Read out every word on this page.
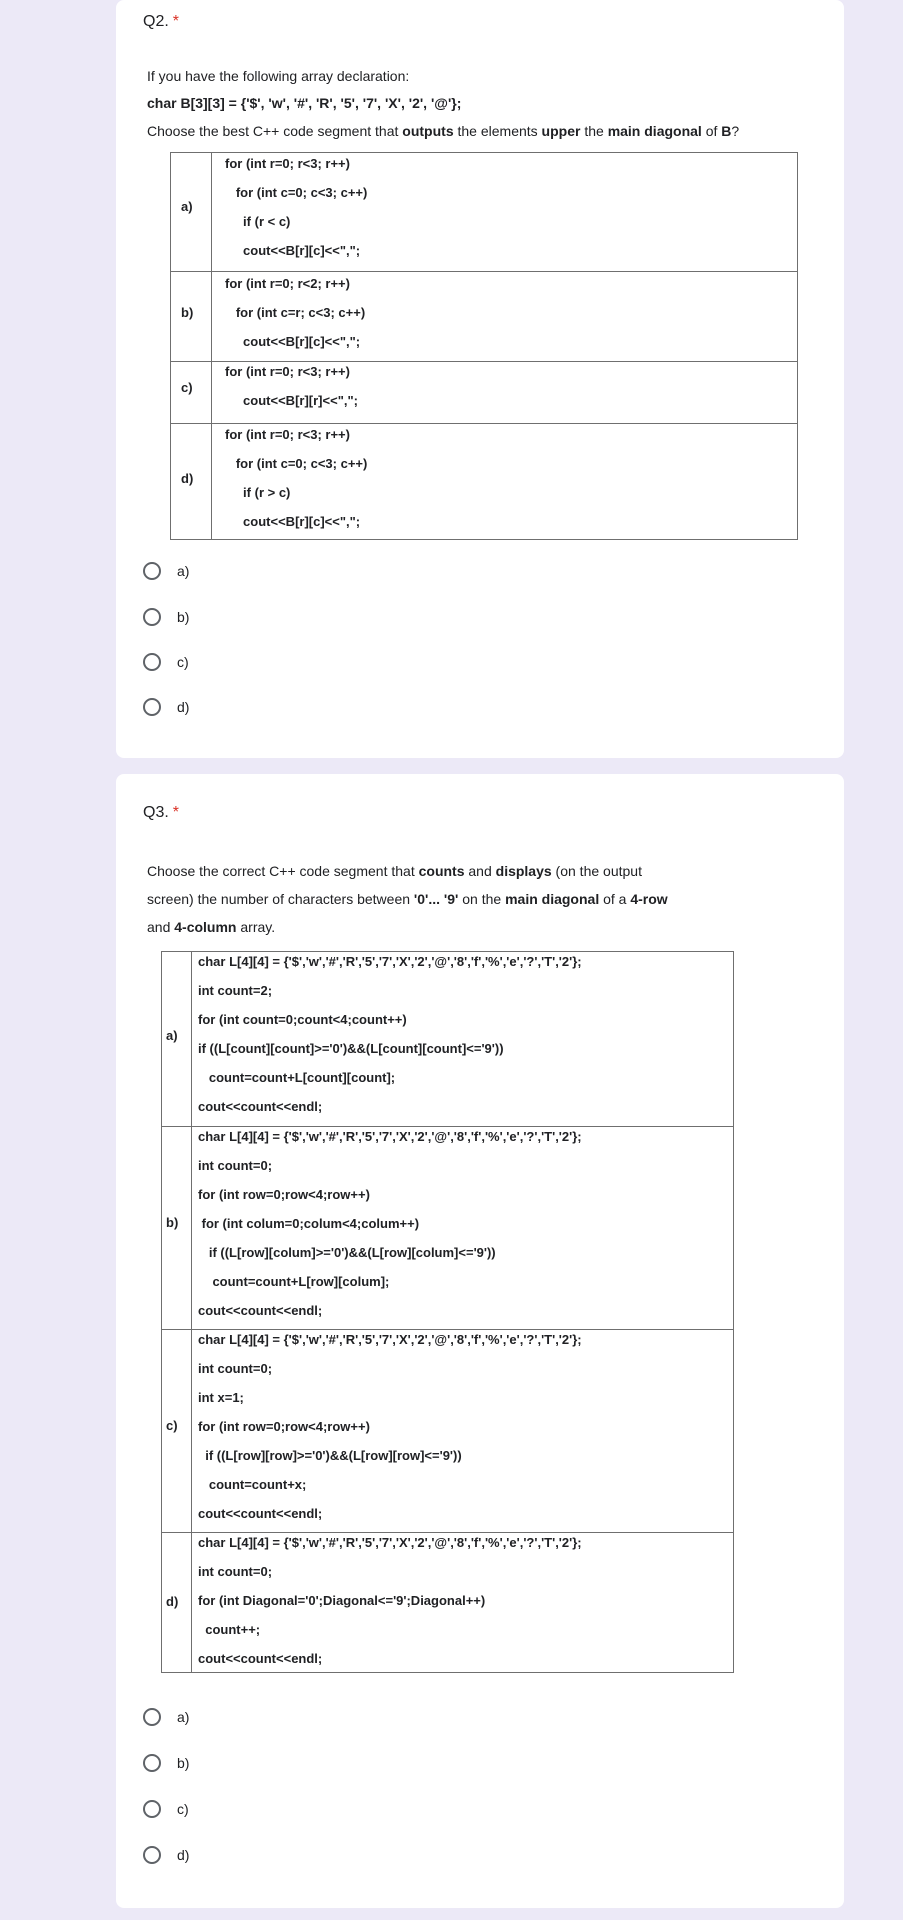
Q2. *
If you have the following array declaration:
char B[3][3] = {'$', 'w', '#', 'R', '5', '7', 'X', '2', '@'};
Choose the best C++ code segment that outputs the elements upper the main diagonal of B?
a)
for (int r=0; r<3; r++)
for (int c=0; c<3; c++)
if (r < c)
cout<<B[r][c]<<",";
b)
for (int r=0; r<2; r++)
for (int c=r; c<3; c++)
cout<<B[r][c]<<",";
c)
for (int r=0; r<3; r++)
cout<<B[r][r]<<",";
d)
for (int r=0; r<3; r++)
for (int c=0; c<3; c++)
if (r > c)
cout<<B[r][c]<<",";
a)
b)
c)
d)
Q3. *
Choose the correct C++ code segment that counts and displays (on the output
screen) the number of characters between '0'... '9' on the main diagonal of a 4-row
and 4-column array.
a)
char L[4][4] = {'$','w','#','R','5','7','X','2','@','8','f','%','e','?','T','2'};
int count=2;
for (int count=0;count<4;count++)
if ((L[count][count]>='0')&&(L[count][count]<='9'))
count=count+L[count][count];
cout<<count<<endl;
b)
char L[4][4] = {'$','w','#','R','5','7','X','2','@','8','f','%','e','?','T','2'};
int count=0;
for (int row=0;row<4;row++)
for (int colum=0;colum<4;colum++)
if ((L[row][colum]>='0')&&(L[row][colum]<='9'))
count=count+L[row][colum];
cout<<count<<endl;
c)
char L[4][4] = {'$','w','#','R','5','7','X','2','@','8','f','%','e','?','T','2'};
int count=0;
int x=1;
for (int row=0;row<4;row++)
if ((L[row][row]>='0')&&(L[row][row]<='9'))
count=count+x;
cout<<count<<endl;
d)
char L[4][4] = {'$','w','#','R','5','7','X','2','@','8','f','%','e','?','T','2'};
int count=0;
for (int Diagonal='0';Diagonal<='9';Diagonal++)
count++;
cout<<count<<endl;
a)
b)
c)
d)
